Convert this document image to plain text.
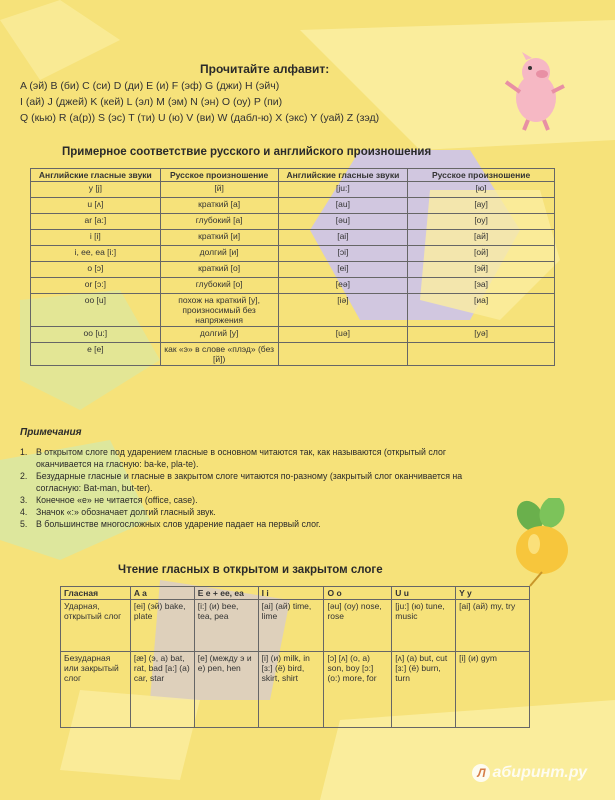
Прочитайте алфавит:
A (эй) B (би) C (си) D (ди) E (и) F (эф) G (джи) H (эйч)
I (ай) J (джей) K (кей) L (эл) M (эм) N (эн) O (оу) P (пи)
Q (кью) R (а(р)) S (эс) T (ти) U (ю) V (ви) W (дабл-ю) X (экс) Y (уай) Z (зэд)
Примерное соответствие русского и английского произношения
Английские гласные звуки	Русское произношение	Английские гласные звуки	Русское произношение
y [j]	[й]	[ju:]	[ю]
u [ʌ]	краткий [а]	[au]	[ау]
ar [a:]	глубокий [а]	[əu]	[оу]
i [i]	краткий [и]	[ai]	[ай]
i, ee, ea [i:]	долгий [и]	[ɔi]	[ой]
o [ɔ]	краткий [о]	[ei]	[эй]
or [ɔ:]	глубокий [о]	[eə]	[эа]
oo [u]	похож на краткий [у], произносимый без напряжения	[iə]	[иа]
oo [u:]	долгий [у]	[uə]	[уə]
e [e]	как «э» в слове «плэд» (без [й])		
Примечания
1. В открытом слоге под ударением гласные в основном читаются так, как называются (открытый слог оканчивается на гласную: ba-ke, pla-te).
2. Безударные гласные и гласные в закрытом слоге читаются по-разному (закрытый слог оканчивается на согласную: Bat-man, but-ter).
3. Конечное «е» не читается (office, case).
4. Значок «:» обозначает долгий гласный звук.
5. В большинстве многосложных слов ударение падает на первый слог.
Чтение гласных в открытом и закрытом слоге
Гласная	A a	E e + ee, ea	I i	O o	U u	Y y
Ударная, открытый слог	[ei] (эй) bake, plate	[i:] (и) bee, tea, pea	[ai] (ай) time, lime	[əu] (оу) nose, rose	[ju:] (ю) tune, music	[ai] (ай) my, try
Безударная или закрытый слог	[æ] (э, а) bat, rat, bad [a:] (а) car, star	[e] (между э и е) pen, hen	[i] (и) milk, in [ɜ:] (ё) bird, skirt, shirt	[ɔ] [ʌ] (о, а) son, boy [ɔ:] (о:) more, for	[ʌ] (а) but, cut [ɜ:] (ё) burn, turn	[i] (и) gym
Л абиринт.ру
